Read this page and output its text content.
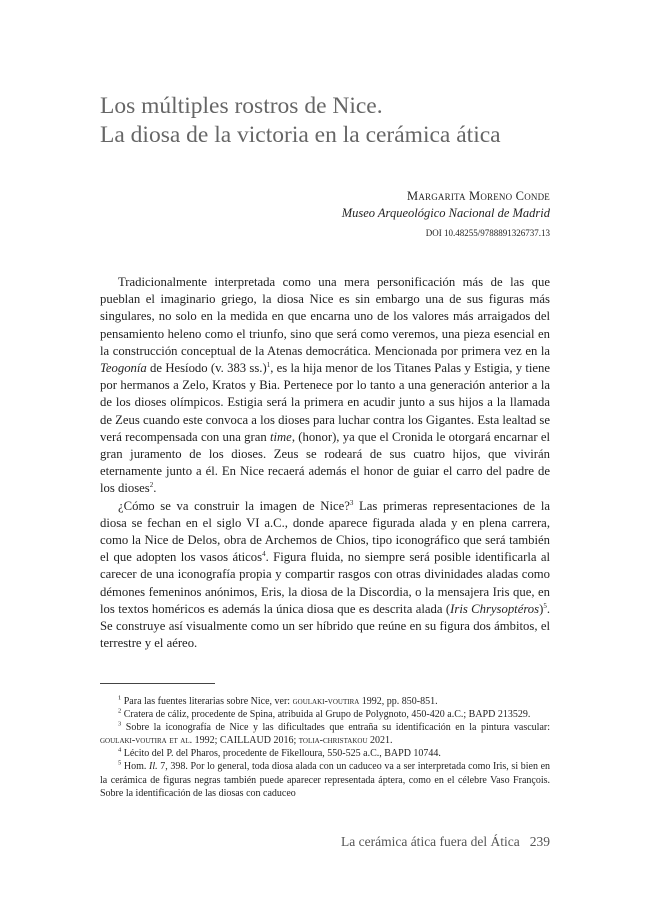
Los múltiples rostros de Nice.
La diosa de la victoria en la cerámica ática
Margarita Moreno Conde
Museo Arqueológico Nacional de Madrid
DOI 10.48255/9788891326737.13

Tradicionalmente interpretada como una mera personificación más de las que pueblan el imaginario griego, la diosa Nice es sin embargo una de sus figuras más singulares, no solo en la medida en que encarna uno de los valores más arraigados del pensamiento heleno como el triunfo, sino que será como veremos, una pieza esencial en la construcción conceptual de la Atenas democrática. Mencionada por primera vez en la Teogonía de Hesíodo (v. 383 ss.)$^1$, es la hija menor de los Titanes Palas y Estigia, y tiene por hermanos a Zelo, Kratos y Bia. Pertenece por lo tanto a una generación anterior a la de los dioses olímpicos. Estigia será la primera en acudir junto a sus hijos a la llamada de Zeus cuando este convoca a los dioses para luchar contra los Gigantes. Esta lealtad se verá recompensada con una gran time, (honor), ya que el Cronida le otorgará encarnar el gran juramento de los dioses. Zeus se rodeará de sus cuatro hijos, que vivirán eternamente junto a él. En Nice recaerá además el honor de guiar el carro del padre de los dioses$^2$.

¿Cómo se va construir la imagen de Nice?$^3$ Las primeras representaciones de la diosa se fechan en el siglo VI a.C., donde aparece figurada alada y en plena carrera, como la Nice de Delos, obra de Archemos de Chios, tipo iconográfico que será también el que adopten los vasos áticos$^4$. Figura fluida, no siempre será posible identificarla al carecer de una iconografía propia y compartir rasgos con otras divinidades aladas como démones femeninos anónimos, Eris, la diosa de la Discordia, o la mensajera Iris que, en los textos homéricos es además la única diosa que es descrita alada (Iris Chrysoptéros)$^5$. Se construye así visualmente como un ser híbrido que reúne en su figura dos ámbitos, el terrestre y el aéreo.

$^1$ Para las fuentes literarias sobre Nice, ver: goulaki-voutira 1992, pp. 850-851.

$^2$ Cratera de cáliz, procedente de Spina, atribuida al Grupo de Polygnoto, 450-420 a.C.; BAPD 213529.

$^3$ Sobre la iconografía de Nice y las dificultades que entraña su identificación en la pintura vascular: goulaki-voutira et al. 1992; CAILLAUD 2016; tolia-christakou 2021.

$^4$ Lécito del P. del Pharos, procedente de Fikelloura, 550-525 a.C., BAPD 10744.

$^5$ Hom. Il. 7, 398. Por lo general, toda diosa alada con un caduceo va a ser interpretada como Iris, si bien en la cerámica de figuras negras también puede aparecer representada áptera, como en el célebre Vaso François. Sobre la identificación de las diosas con caduceo

La cerámica ática fuera del Ática 239
